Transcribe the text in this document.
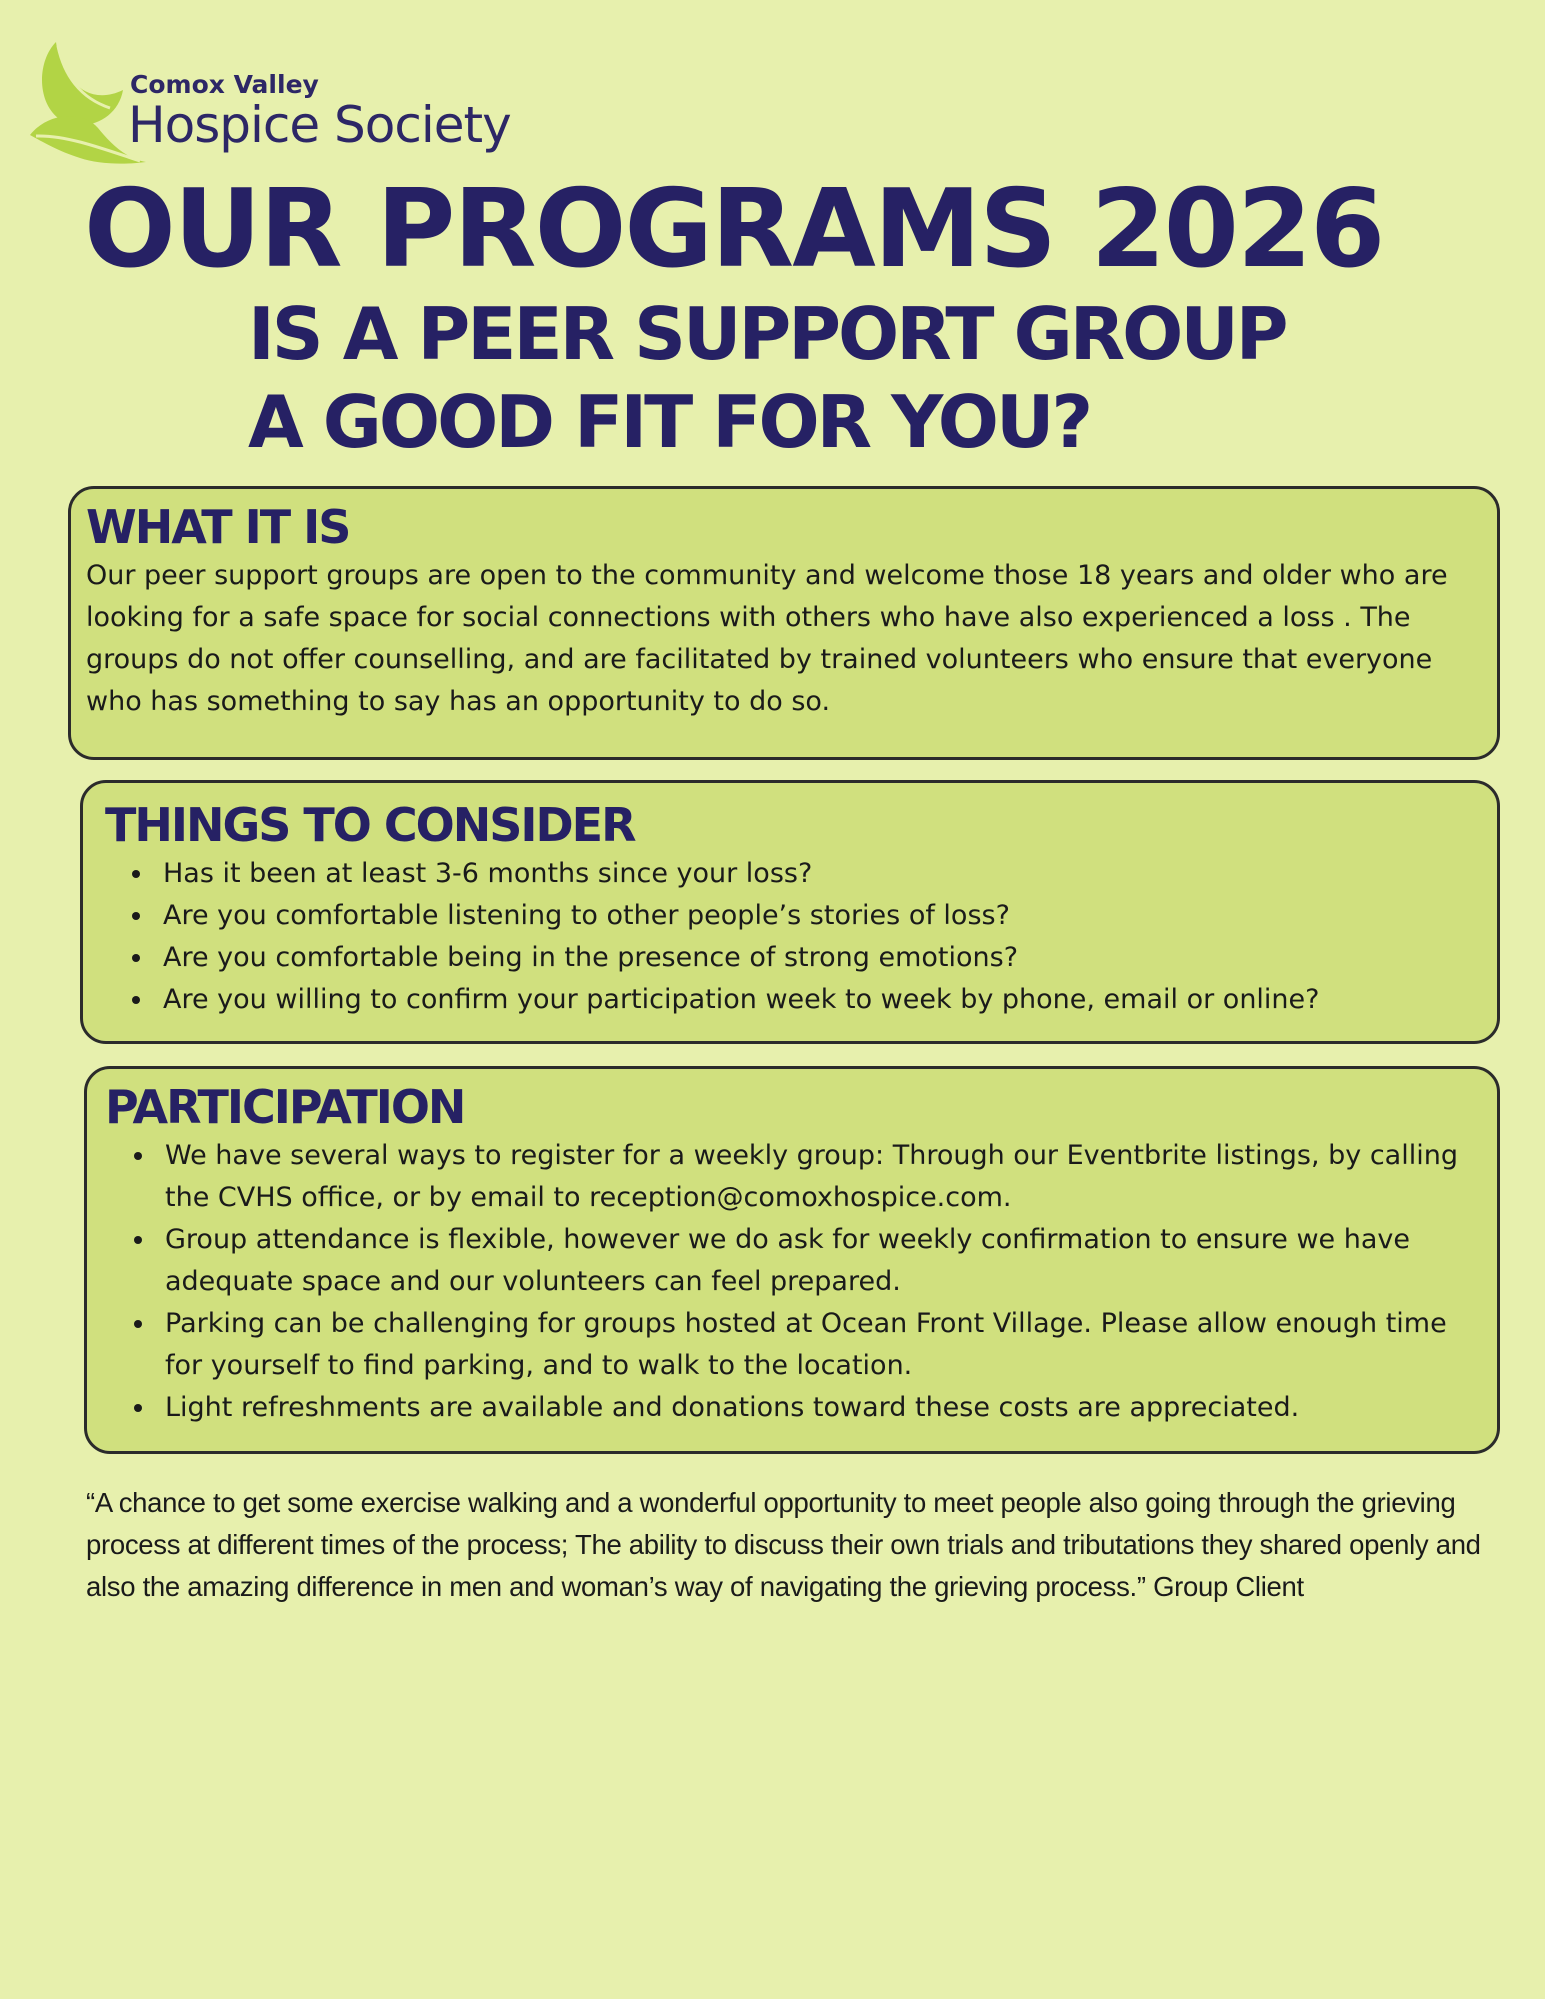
Comox Valley
Hospice Society
OUR PROGRAMS 2026
IS A PEER SUPPORT GROUP
A GOOD FIT FOR YOU?
WHAT IT IS

Our peer support groups are open to the community and welcome those 18 years and older who are looking for a safe space for social connections with others who have also experienced a loss . The groups do not offer counselling, and are facilitated by trained volunteers who ensure that everyone who has something to say has an opportunity to do so.

THINGS TO CONSIDER
• Has it been at least 3-6 months since your loss?
• Are you comfortable listening to other people’s stories of loss?
• Are you comfortable being in the presence of strong emotions?
• Are you willing to confirm your participation week to week by phone, email or online?
PARTICIPATION
• We have several ways to register for a weekly group: Through our Eventbrite listings, by calling the CVHS office, or by email to reception@comoxhospice.com.
• Group attendance is flexible, however we do ask for weekly confirmation to ensure we have adequate space and our volunteers can feel prepared.
• Parking can be challenging for groups hosted at Ocean Front Village. Please allow enough time for yourself to find parking, and to walk to the location.
• Light refreshments are available and donations toward these costs are appreciated.
“A chance to get some exercise walking and a wonderful opportunity to meet people also going through the grieving process at different times of the process; The ability to discuss their own trials and tributations they shared openly and also the amazing difference in men and woman’s way of navigating the grieving process.” Group Client
